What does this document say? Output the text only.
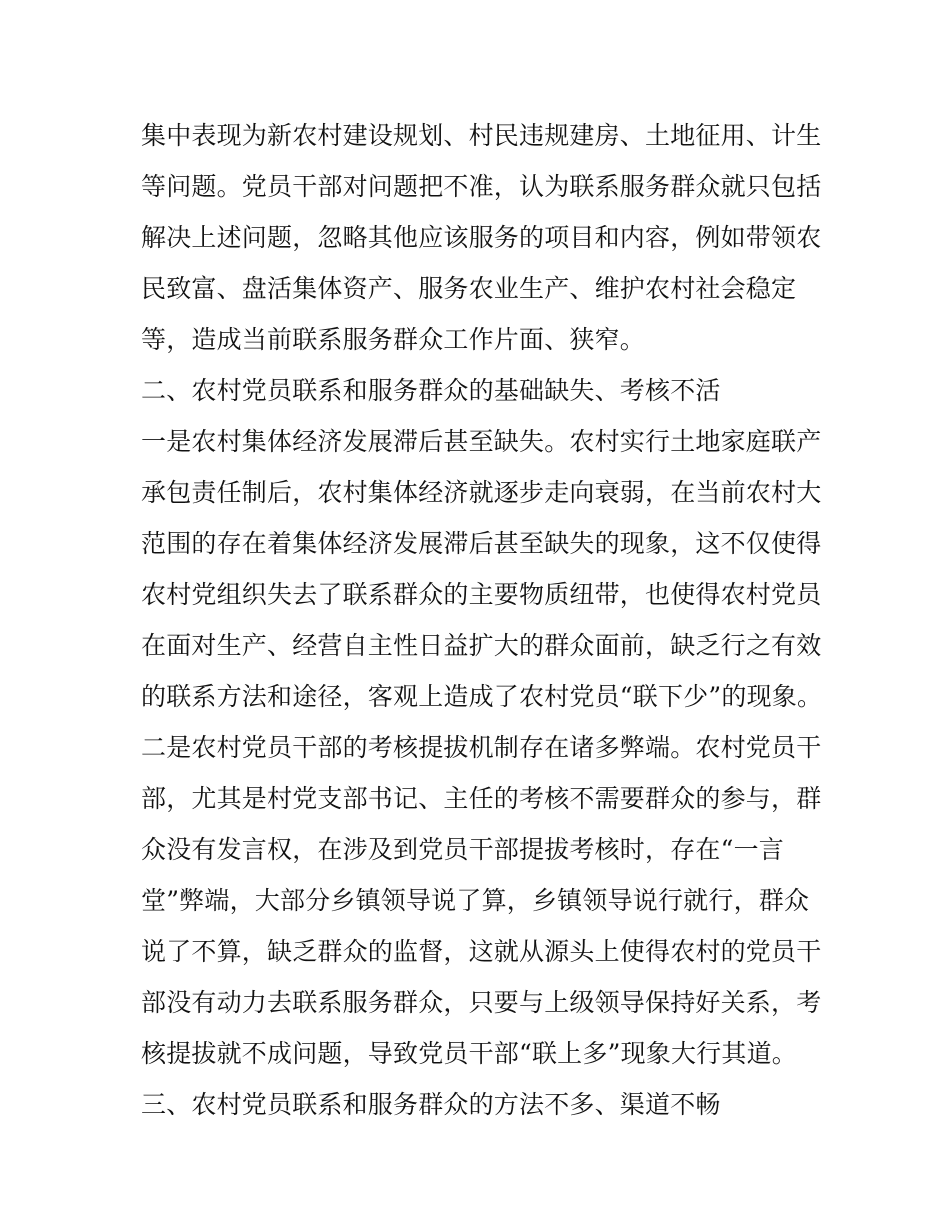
集中表现为新农村建设规划、村民违规建房、土地征用、计生
等问题。党员干部对问题把不准，认为联系服务群众就只包括
解决上述问题，忽略其他应该服务的项目和内容，例如带领农
民致富、盘活集体资产、服务农业生产、维护农村社会稳定
等，造成当前联系服务群众工作片面、狭窄。
二、农村党员联系和服务群众的基础缺失、考核不活
一是农村集体经济发展滞后甚至缺失。农村实行土地家庭联产
承包责任制后，农村集体经济就逐步走向衰弱，在当前农村大
范围的存在着集体经济发展滞后甚至缺失的现象，这不仅使得
农村党组织失去了联系群众的主要物质纽带，也使得农村党员
在面对生产、经营自主性日益扩大的群众面前，缺乏行之有效
的联系方法和途径，客观上造成了农村党员“联下少”的现象。
二是农村党员干部的考核提拔机制存在诸多弊端。农村党员干
部，尤其是村党支部书记、主任的考核不需要群众的参与，群
众没有发言权，在涉及到党员干部提拔考核时，存在“一言
堂”弊端，大部分乡镇领导说了算，乡镇领导说行就行，群众
说了不算，缺乏群众的监督，这就从源头上使得农村的党员干
部没有动力去联系服务群众，只要与上级领导保持好关系，考
核提拔就不成问题，导致党员干部“联上多”现象大行其道。
三、农村党员联系和服务群众的方法不多、渠道不畅
